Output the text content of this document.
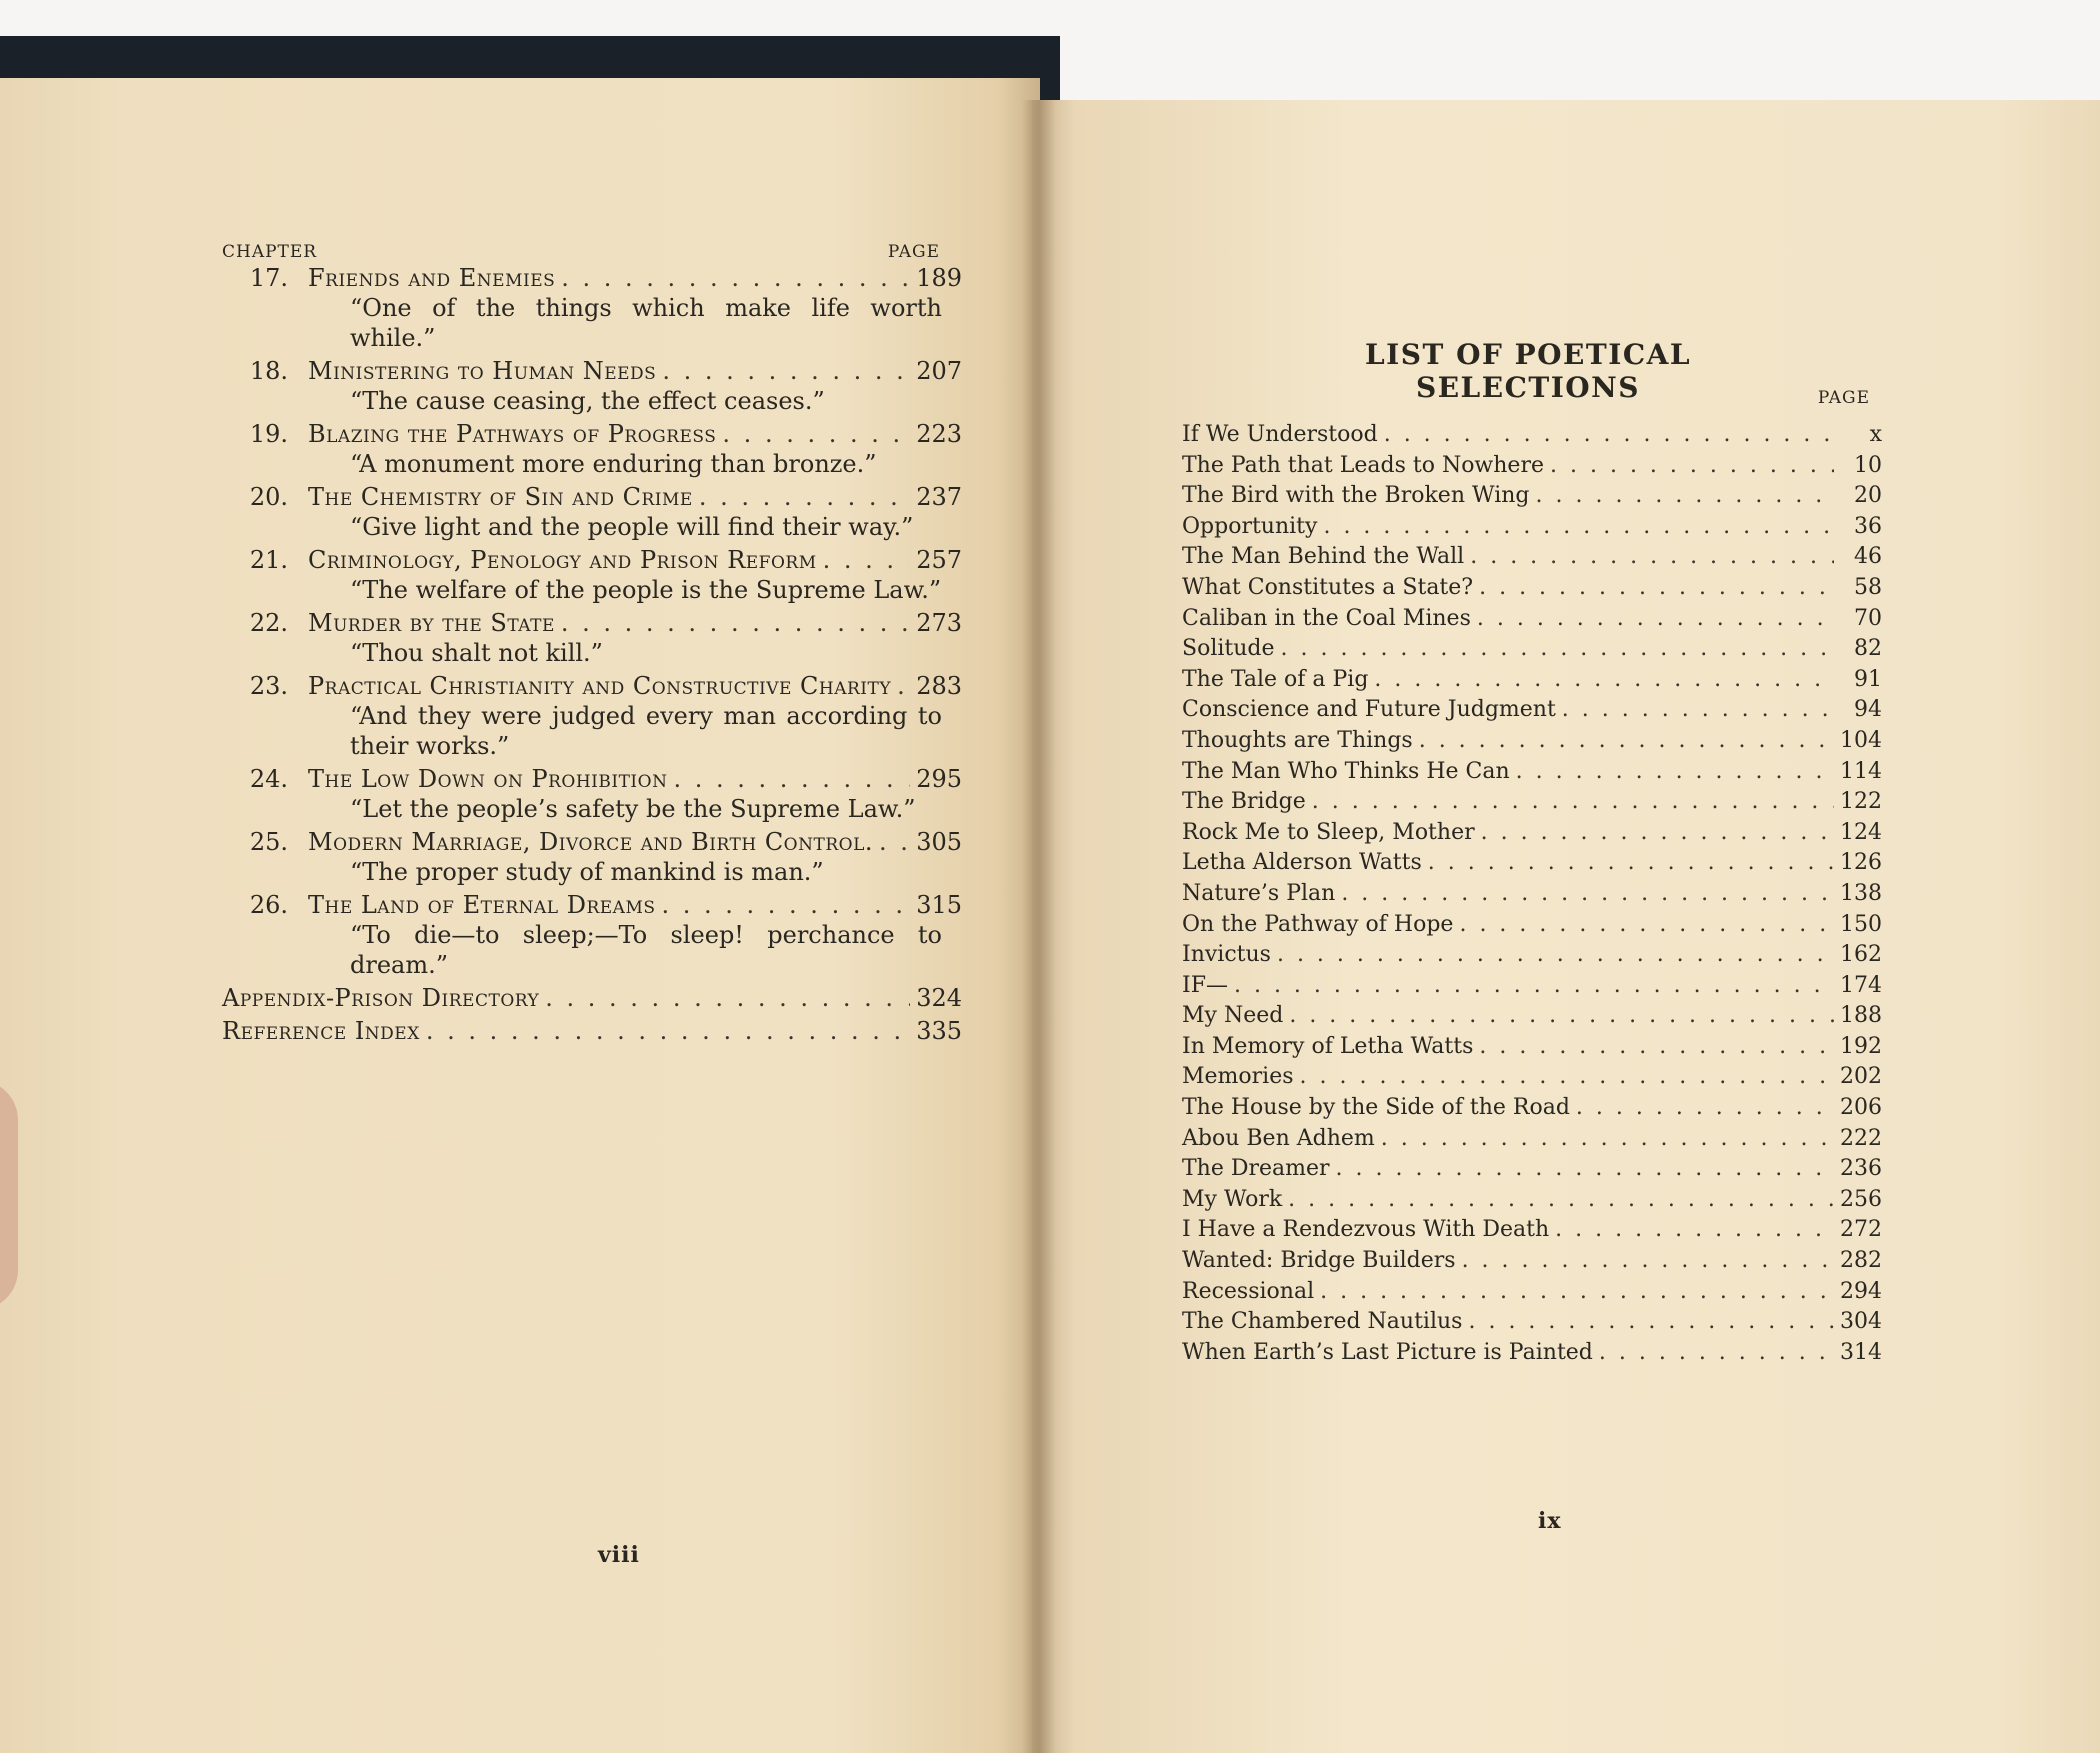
CHAPTER	PAGE
17. Friends and Enemies . . .	189
“One of the things which make life worth while.”
18. Ministering to Human Needs . . .	207
“The cause ceasing, the effect ceases.”
19. Blazing the Pathways of Progress . . .	223
“A monument more enduring than bronze.”
20. The Chemistry of Sin and Crime . . .	237
“Give light and the people will find their way.”
21. Criminology, Penology and Prison Reform . . .	257
“The welfare of the people is the Supreme Law.”
22. Murder by the State . . .	273
“Thou shalt not kill.”
23. Practical Christianity and Constructive Charity . . . 283
“And they were judged every man according to their works.”
24. The Low Down on Prohibition . . .	295
“Let the people’s safety be the Supreme Law.”
25. Modern Marriage, Divorce and Birth Control. . . . 305
“The proper study of mankind is man.”
26. The Land of Eternal Dreams . . .	315
“To die—to sleep;—To sleep! perchance to dream.”
Appendix-Prison Directory . . .	324
Reference Index . . .	335
viii
LIST OF POETICAL SELECTIONS	PAGE
If We Understood . . .	x
The Path that Leads to Nowhere . . .	10
The Bird with the Broken Wing . . .	20
Opportunity . . .	36
The Man Behind the Wall . . .	46
What Constitutes a State? . . .	58
Caliban in the Coal Mines . . .	70
Solitude . . .	82
The Tale of a Pig . . .	91
Conscience and Future Judgment . . .	94
Thoughts are Things . . .	104
The Man Who Thinks He Can . . .	114
The Bridge . . .	122
Rock Me to Sleep, Mother . . .	124
Letha Alderson Watts . . .	126
Nature’s Plan . . .	138
On the Pathway of Hope . . .	150
Invictus . . .	162
IF— . . .	174
My Need . . .	188
In Memory of Letha Watts . . .	192
Memories . . .	202
The House by the Side of the Road . . .	206
Abou Ben Adhem . . .	222
The Dreamer . . .	236
My Work . . .	256
I Have a Rendezvous With Death . . .	272
Wanted: Bridge Builders . . .	282
Recessional . . .	294
The Chambered Nautilus . . .	304
When Earth’s Last Picture is Painted . . .	314
ix
